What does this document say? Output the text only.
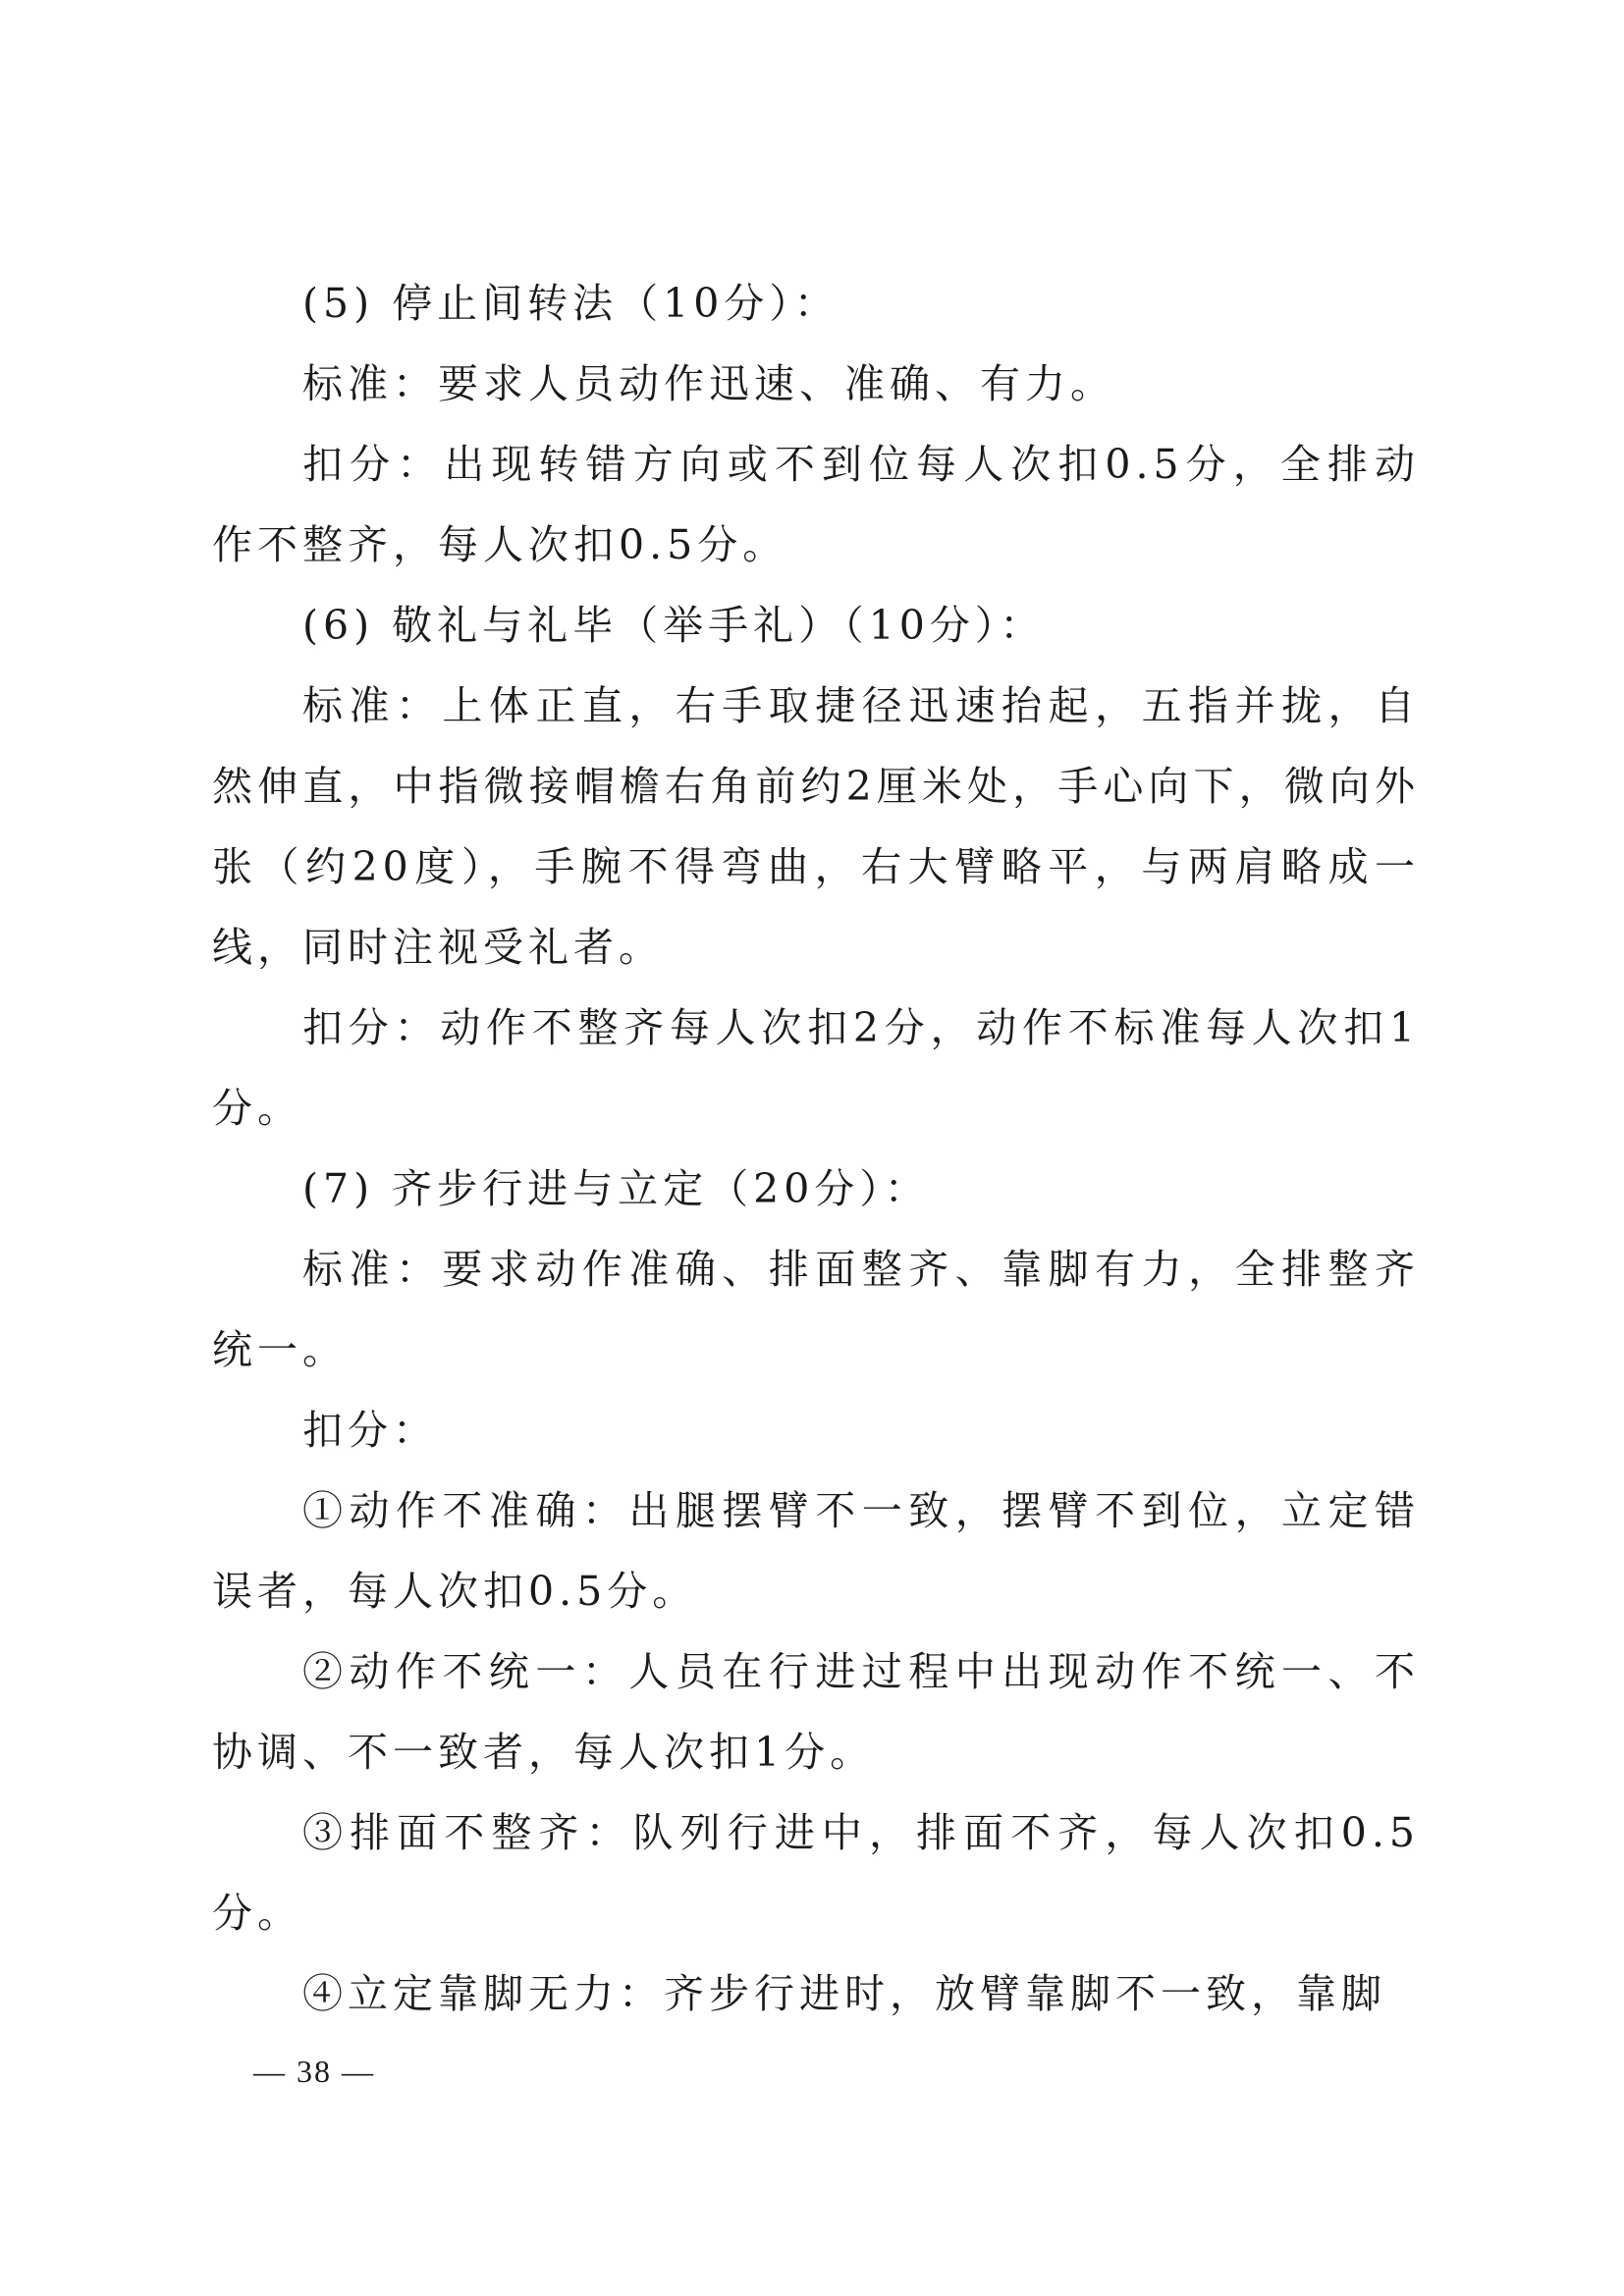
(5) 停止间转法（10分）：

标准：要求人员动作迅速、准确、有力。

扣分：出现转错方向或不到位每人次扣0.5分，全排动作不整齐，每人次扣0.5分。

(6) 敬礼与礼毕（举手礼）（10分）：

标准：上体正直，右手取捷径迅速抬起，五指并拢，自然伸直，中指微接帽檐右角前约2厘米处，手心向下，微向外张（约20度），手腕不得弯曲，右大臂略平，与两肩略成一线，同时注视受礼者。

扣分：动作不整齐每人次扣2分，动作不标准每人次扣1分。

(7) 齐步行进与立定（20分）：

标准：要求动作准确、排面整齐、靠脚有力，全排整齐统一。

扣分：

①动作不准确：出腿摆臂不一致，摆臂不到位，立定错误者，每人次扣0.5分。

②动作不统一：人员在行进过程中出现动作不统一、不协调、不一致者，每人次扣1分。

③排面不整齐：队列行进中，排面不齐，每人次扣0.5分。

④立定靠脚无力：齐步行进时，放臂靠脚不一致，靠脚

— 38 —
